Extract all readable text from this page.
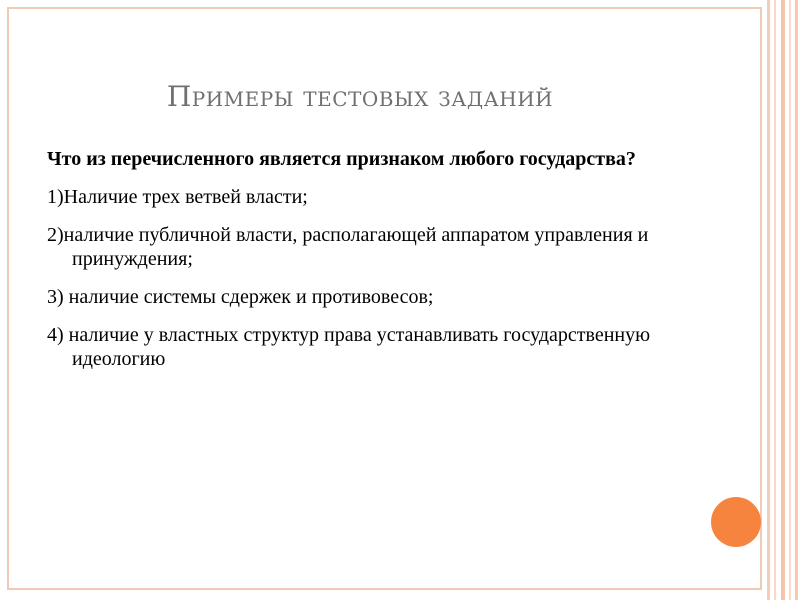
Примеры тестовых заданий

Что из перечисленного является признаком любого государства?

1)Наличие трех ветвей власти;

2)наличие публичной власти, располагающей аппаратом управления и принуждения;

3) наличие системы сдержек и противовесов;

4) наличие у властных структур права устанавливать государственную идеологию
